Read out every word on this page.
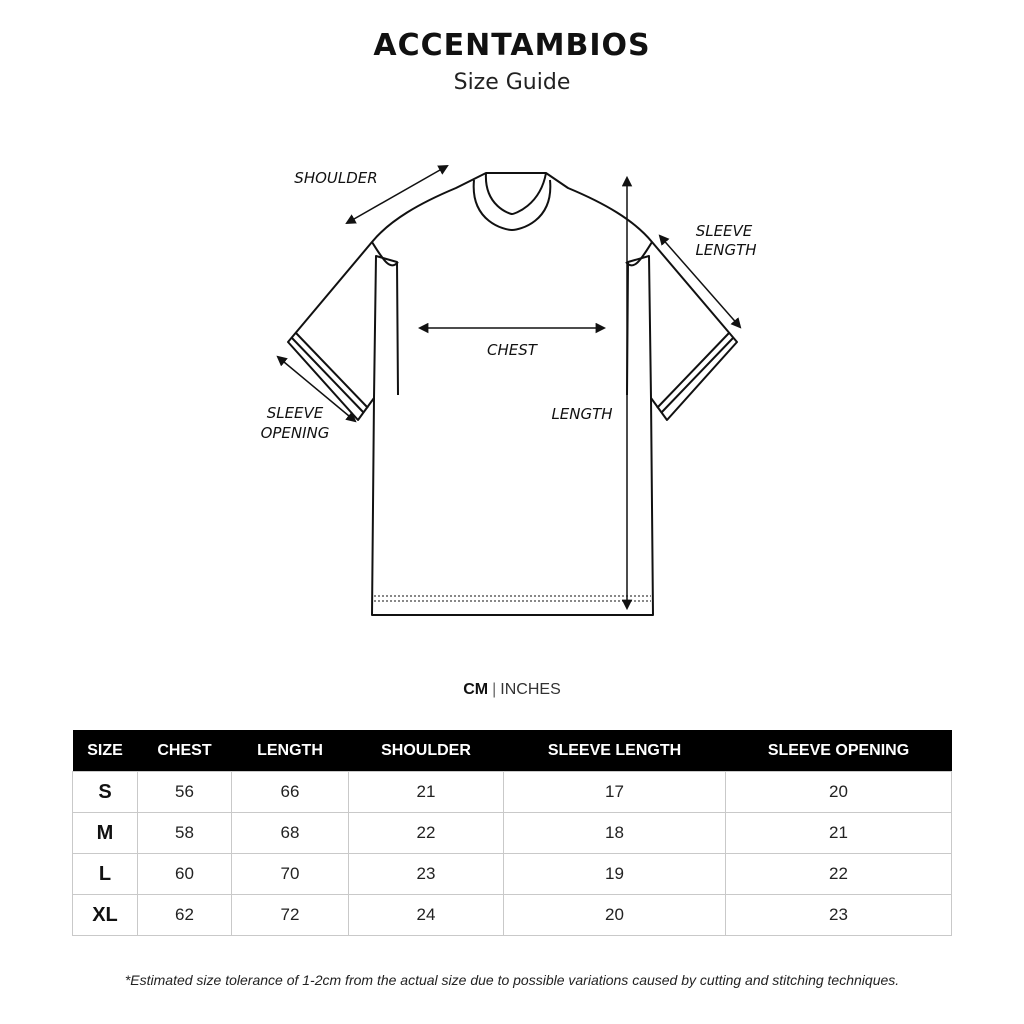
ACCENTAMBIOS
Size Guide
SHOULDER
SLEEVE
LENGTH
CHEST
LENGTH
SLEEVE
OPENING
CM | INCHES
SIZE	CHEST	LENGTH	SHOULDER	SLEEVE LENGTH	SLEEVE OPENING
S	56	66	21	17	20
M	58	68	22	18	21
L	60	70	23	19	22
XL	62	72	24	20	23
*Estimated size tolerance of 1-2cm from the actual size due to possible variations caused by cutting and stitching techniques.
